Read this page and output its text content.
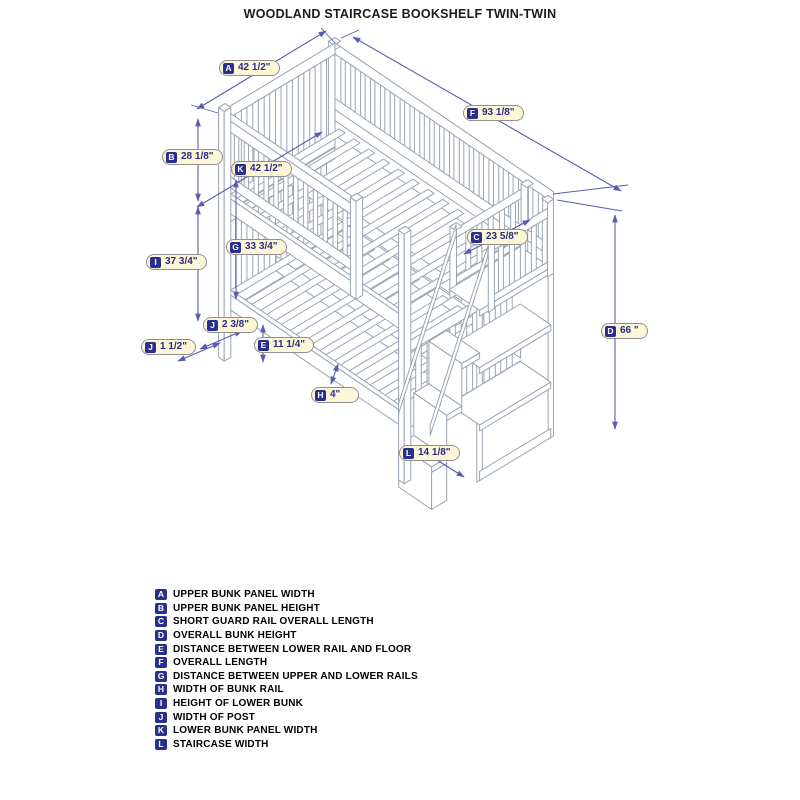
WOODLAND STAIRCASE BOOKSHELF TWIN-TWIN
A 42 1/2"
F 93 1/8"
B 28 1/8"
K 42 1/2"
G 33 3/4"
I 37 3/4"
C 23 5/8"
D 66 "
J 2 3/8"
J 1 1/2"	E 11 1/4"
H 4"
L 14 1/8"
A UPPER BUNK PANEL WIDTH
B UPPER BUNK PANEL HEIGHT
C SHORT GUARD RAIL OVERALL LENGTH
D OVERALL BUNK HEIGHT
E DISTANCE BETWEEN LOWER RAIL AND FLOOR
F OVERALL LENGTH
G DISTANCE BETWEEN UPPER AND LOWER RAILS
H WIDTH OF BUNK RAIL
I	HEIGHT OF LOWER BUNK
J WIDTH OF POST
K LOWER BUNK PANEL WIDTH
L STAIRCASE WIDTH
